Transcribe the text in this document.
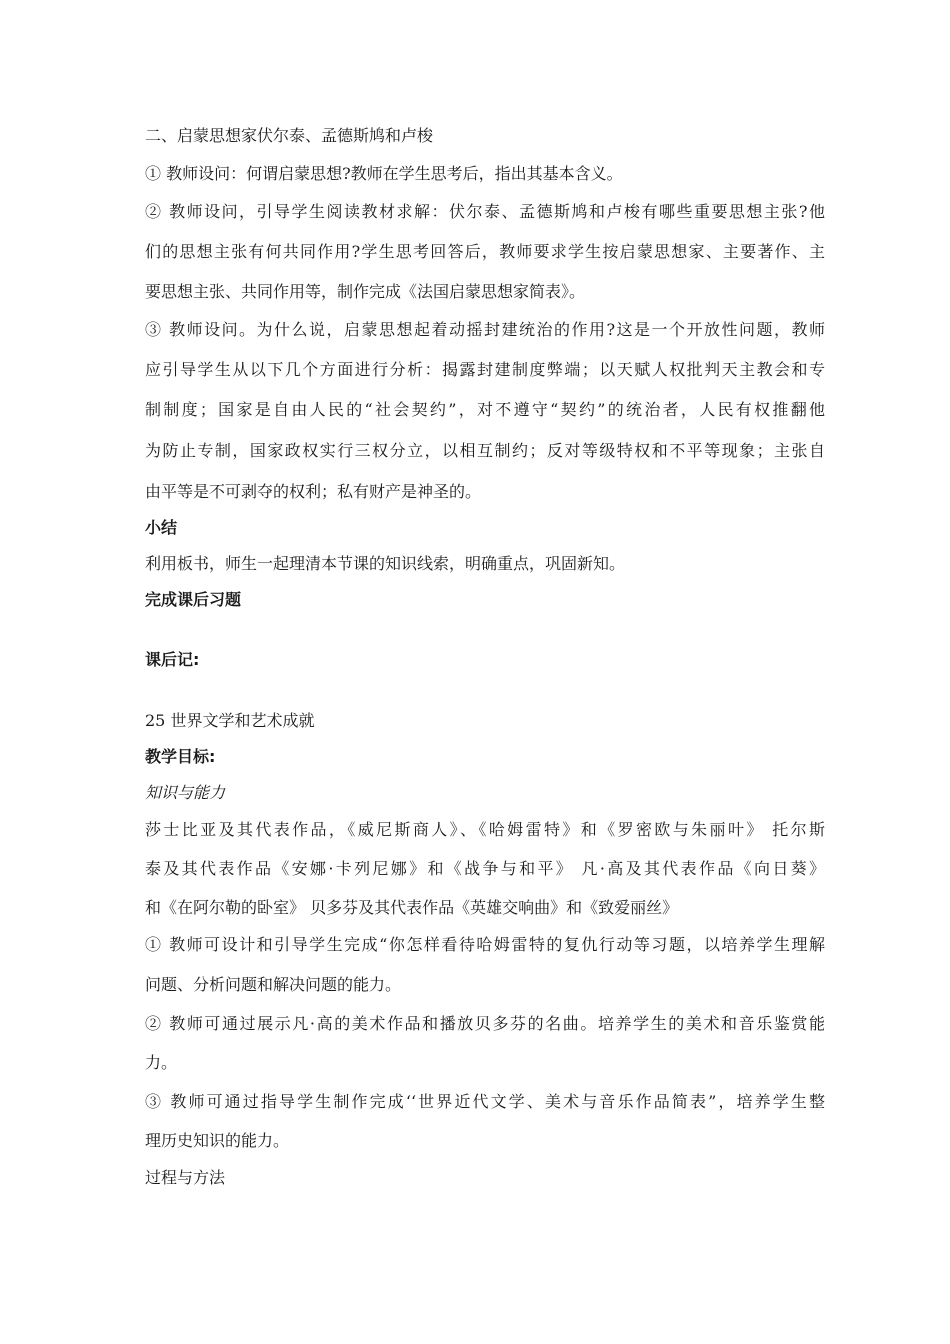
二、启蒙思想家伏尔泰、孟德斯鸠和卢梭
① 教师设问：何谓启蒙思想?教师在学生思考后，指出其基本含义。
② 教师设问，引导学生阅读教材求解：伏尔泰、孟德斯鸠和卢梭有哪些重要思想主张?他
们的思想主张有何共同作用?学生思考回答后，教师要求学生按启蒙思想家、主要著作、主
要思想主张、共同作用等，制作完成《法国启蒙思想家简表》。
③ 教师设问。为什么说，启蒙思想起着动摇封建统治的作用?这是一个开放性问题，教师
应引导学生从以下几个方面进行分析：揭露封建制度弊端；以天赋人权批判天主教会和专
制制度；国家是自由人民的“社会契约”，对不遵守“契约”的统治者，人民有权推翻他
为防止专制，国家政权实行三权分立，以相互制约；反对等级特权和不平等现象；主张自
由平等是不可剥夺的权利；私有财产是神圣的。
小结
利用板书，师生一起理清本节课的知识线索，明确重点，巩固新知。
完成课后习题
课后记:
25 世界文学和艺术成就
教学目标:
知识与能力
莎士比亚及其代表作品，《威尼斯商人》、《哈姆雷特》和《罗密欧与朱丽叶》 托尔斯
泰及其代表作品《安娜·卡列尼娜》和《战争与和平》 凡·高及其代表作品《向日葵》
和《在阿尔勒的卧室》 贝多芬及其代表作品《英雄交响曲》和《致爱丽丝》
① 教师可设计和引导学生完成“你怎样看待哈姆雷特的复仇行动等习题，以培养学生理解
问题、分析问题和解决问题的能力。
② 教师可通过展示凡·高的美术作品和播放贝多芬的名曲。培养学生的美术和音乐鉴赏能
力。
③ 教师可通过指导学生制作完成‘‘世界近代文学、美术与音乐作品简表”，培养学生整
理历史知识的能力。
过程与方法
